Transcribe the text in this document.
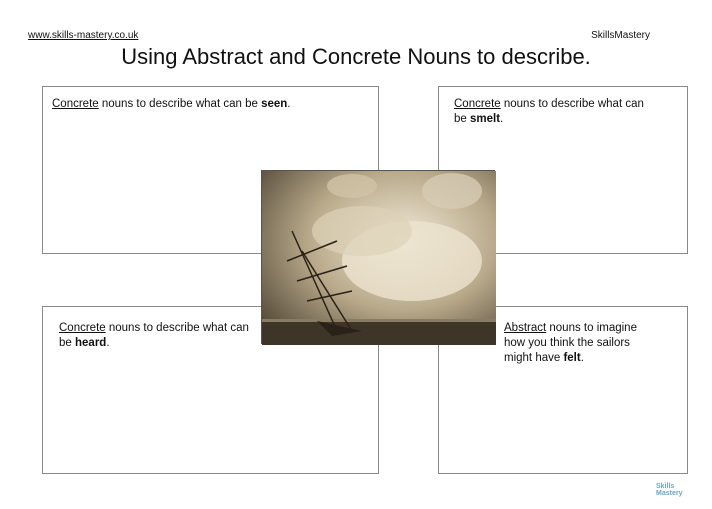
www.skills-mastery.co.uk	SkillsMastery
Using Abstract and Concrete Nouns to describe.
Concrete nouns to describe what can be seen.	Concrete nouns to describe what can be smelt.
Concrete nouns to describe what can be heard.
Abstract nouns to imagine how you think the sailors might have felt.
Skills Mastery
